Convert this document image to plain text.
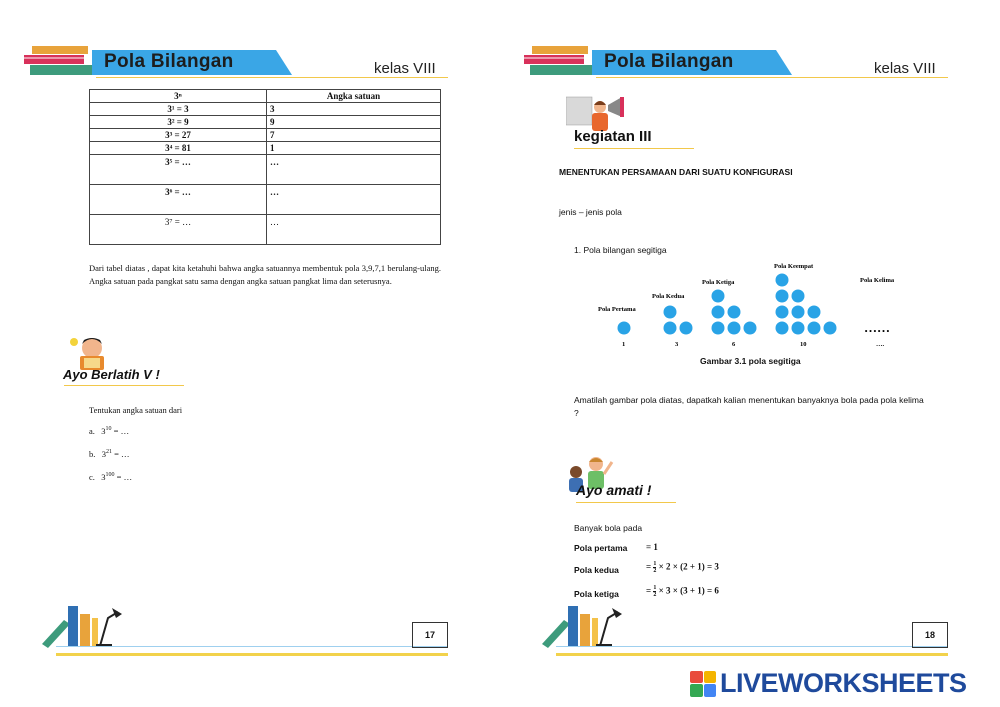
Pola Bilangan	kelas VIII
3ⁿ	Angka satuan
3¹ = 3	3
3² = 9	9
3³ = 27	7
3⁴ = 81	1
3⁵ = …	…
3⁶ = …	…
3⁷ = …	…
Dari tabel diatas , dapat kita ketahuhi bahwa angka satuannya membentuk pola 3,9,7,1 berulang-ulang. Angka satuan pada pangkat satu sama dengan angka satuan pangkat lima dan seterusnya.
Ayo Berlatih V !
Tentukan angka satuan dari
a. $3^{10}$ = …
b. $3^{21}$ = …
c. $3^{100}$ = …
17
Pola Bilangan	kelas VIII
kegiatan III
MENENTUKAN PERSAMAAN DARI SUATU KONFIGURASI
jenis – jenis pola
1. Pola bilangan segitiga
Pola Pertama
Pola Kedua
Pola Ketiga
Pola Keempat
Pola Kelima
1	3	6	10	….
……
Gambar 3.1 pola segitiga
Amatilah gambar pola diatas, dapatkah kalian menentukan banyaknya bola pada pola kelima ?
Ayo amati !
Banyak bola pada
Pola pertama = 1
Pola kedua	= $\frac{1}{2} \times 2 \times (2 + 1) = 3$
Pola ketiga	= $\frac{1}{2} \times 3 \times (3 + 1) = 6$
18
LIVEWORKSHEETS
